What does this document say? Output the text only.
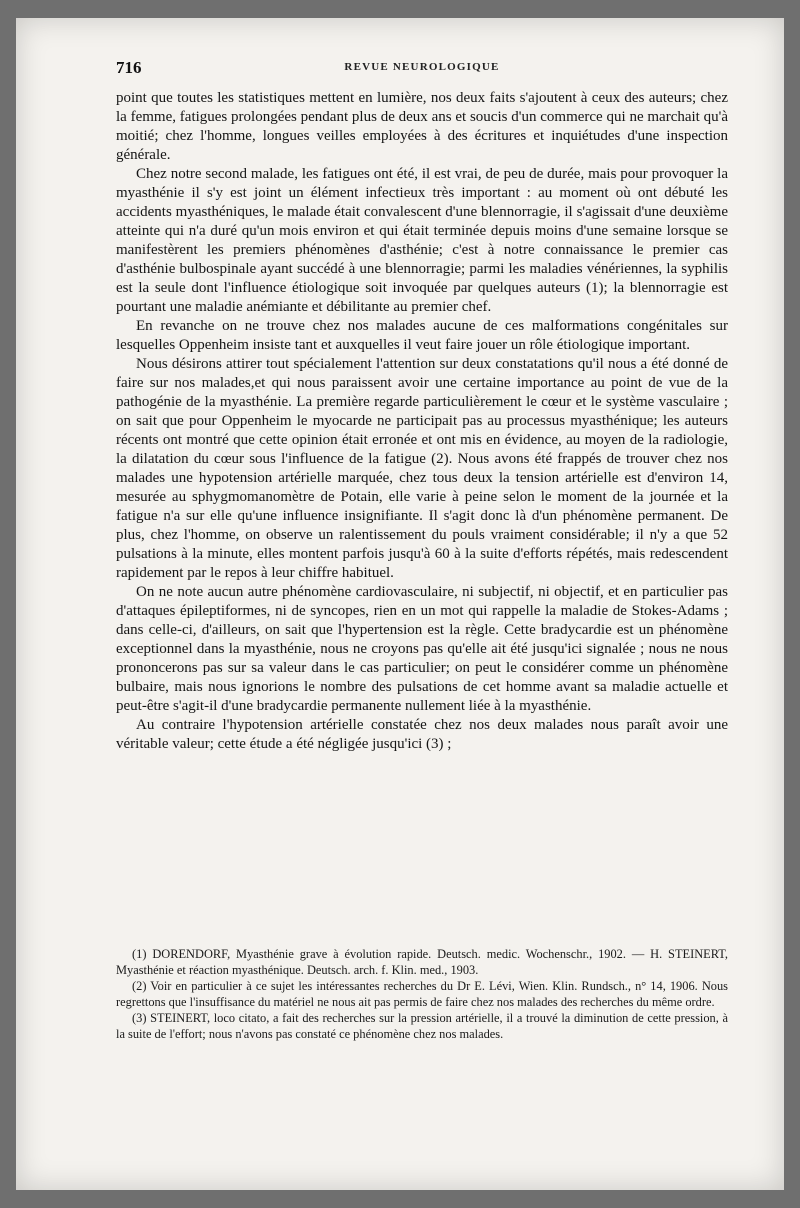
716	REVUE NEUROLOGIQUE

point que toutes les statistiques mettent en lumière, nos deux faits s'ajoutent à ceux des auteurs; chez la femme, fatigues prolongées pendant plus de deux ans et soucis d'un commerce qui ne marchait qu'à moitié; chez l'homme, longues veilles employées à des écritures et inquiétudes d'une inspection générale.

Chez notre second malade, les fatigues ont été, il est vrai, de peu de durée, mais pour provoquer la myasthénie il s'y est joint un élément infectieux très important : au moment où ont débuté les accidents myasthéniques, le malade était convalescent d'une blennorragie, il s'agissait d'une deuxième atteinte qui n'a duré qu'un mois environ et qui était terminée depuis moins d'une semaine lorsque se manifestèrent les premiers phénomènes d'asthénie; c'est à notre connaissance le premier cas d'asthénie bulbospinale ayant succédé à une blennorragie; parmi les maladies vénériennes, la syphilis est la seule dont l'influence étiologique soit invoquée par quelques auteurs (1); la blennorragie est pourtant une maladie anémiante et débilitante au premier chef.

En revanche on ne trouve chez nos malades aucune de ces malformations congénitales sur lesquelles Oppenheim insiste tant et auxquelles il veut faire jouer un rôle étiologique important.

Nous désirons attirer tout spécialement l'attention sur deux constatations qu'il nous a été donné de faire sur nos malades,et qui nous paraissent avoir une certaine importance au point de vue de la pathogénie de la myasthénie. La première regarde particulièrement le cœur et le système vasculaire ; on sait que pour Oppenheim le myocarde ne participait pas au processus myasthénique; les auteurs récents ont montré que cette opinion était erronée et ont mis en évidence, au moyen de la radiologie, la dilatation du cœur sous l'influence de la fatigue (2). Nous avons été frappés de trouver chez nos malades une hypotension artérielle marquée, chez tous deux la tension artérielle est d'environ 14, mesurée au sphygmomanomètre de Potain, elle varie à peine selon le moment de la journée et la fatigue n'a sur elle qu'une influence insignifiante. Il s'agit donc là d'un phénomène permanent. De plus, chez l'homme, on observe un ralentissement du pouls vraiment considérable; il n'y a que 52 pulsations à la minute, elles montent parfois jusqu'à 60 à la suite d'efforts répétés, mais redescendent rapidement par le repos à leur chiffre habituel.

On ne note aucun autre phénomène cardiovasculaire, ni subjectif, ni objectif, et en particulier pas d'attaques épileptiformes, ni de syncopes, rien en un mot qui rappelle la maladie de Stokes-Adams ; dans celle-ci, d'ailleurs, on sait que l'hypertension est la règle. Cette bradycardie est un phénomène exceptionnel dans la myasthénie, nous ne croyons pas qu'elle ait été jusqu'ici signalée ; nous ne nous prononcerons pas sur sa valeur dans le cas particulier; on peut le considérer comme un phénomène bulbaire, mais nous ignorions le nombre des pulsations de cet homme avant sa maladie actuelle et peut-être s'agit-il d'une bradycardie permanente nullement liée à la myasthénie.

Au contraire l'hypotension artérielle constatée chez nos deux malades nous paraît avoir une véritable valeur; cette étude a été négligée jusqu'ici (3) ;

(1) DORENDORF, Myasthénie grave à évolution rapide. Deutsch. medic. Wochenschr., 1902. — H. STEINERT, Myasthénie et réaction myasthénique. Deutsch. arch. f. Klin. med., 1903.

(2) Voir en particulier à ce sujet les intéressantes recherches du Dr E. Lévi, Wien. Klin. Rundsch., n° 14, 1906. Nous regrettons que l'insuffisance du matériel ne nous ait pas permis de faire chez nos malades des recherches du même ordre.

(3) STEINERT, loco citato, a fait des recherches sur la pression artérielle, il a trouvé la diminution de cette pression, à la suite de l'effort; nous n'avons pas constaté ce phénomène chez nos malades.
